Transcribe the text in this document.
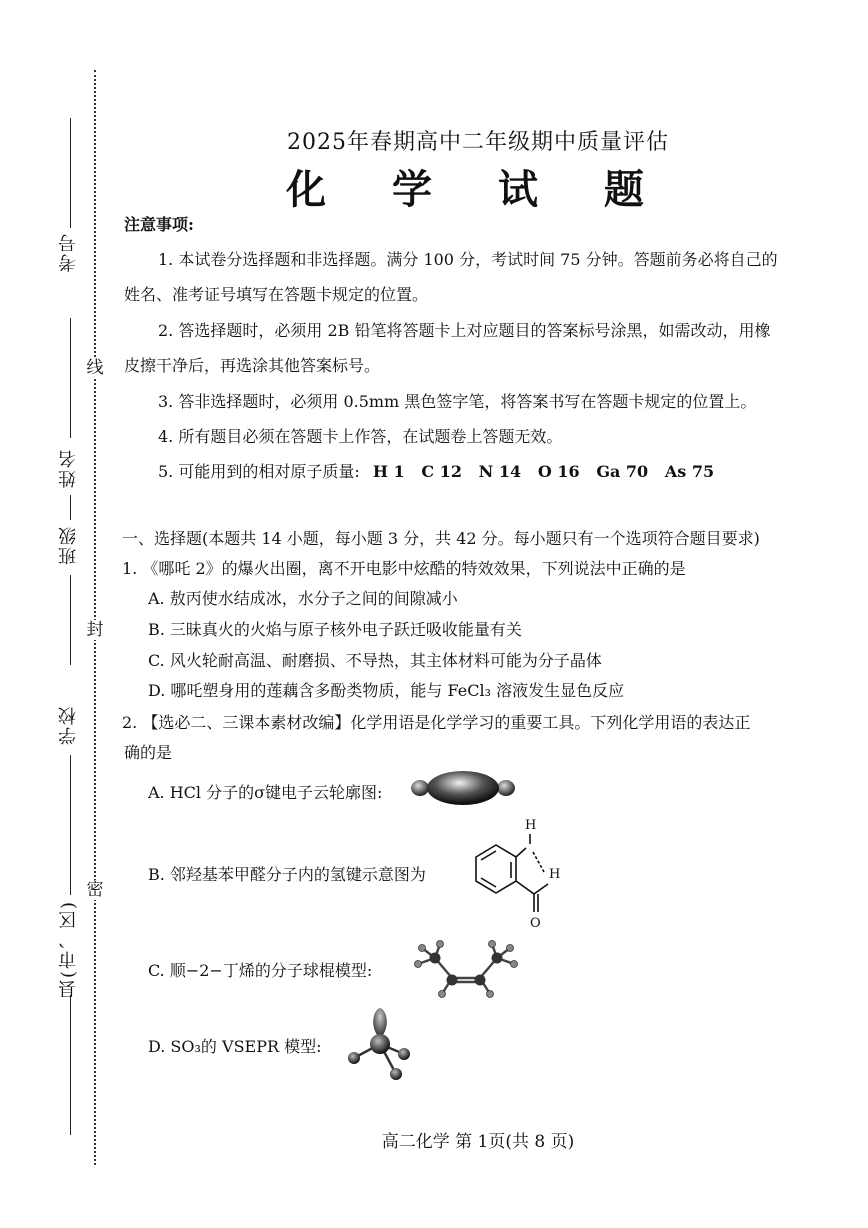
线
封
密
考号
姓名
班级
学校
县(市、区)
2025年春期高中二年级期中质量评估
化 学 试 题
注意事项:
1. 本试卷分选择题和非选择题。满分 100 分，考试时间 75 分钟。答题前务必将自己的
姓名、准考证号填写在答题卡规定的位置。
2. 答选择题时，必须用 2B 铅笔将答题卡上对应题目的答案标号涂黑，如需改动，用橡
皮擦干净后，再选涂其他答案标号。
3. 答非选择题时，必须用 0.5mm 黑色签字笔，将答案书写在答题卡规定的位置上。
4. 所有题目必须在答题卡上作答，在试题卷上答题无效。
5. 可能用到的相对原子质量: H 1   C 12   N 14   O 16   Ga 70   As 75
一、选择题(本题共 14 小题，每小题 3 分，共 42 分。每小题只有一个选项符合题目要求)
1. 《哪吒 2》的爆火出圈，离不开电影中炫酷的特效效果，下列说法中正确的是
A. 敖丙使水结成冰，水分子之间的间隙减小
B. 三昧真火的火焰与原子核外电子跃迁吸收能量有关
C. 风火轮耐高温、耐磨损、不导热，其主体材料可能为分子晶体
D. 哪吒塑身用的莲藕含多酚类物质，能与 FeCl₃ 溶液发生显色反应
2. 【选必二、三课本素材改编】化学用语是化学学习的重要工具。下列化学用语的表达正
确的是
A. HCl 分子的σ键电子云轮廓图:
B. 邻羟基苯甲醛分子内的氢键示意图为
H
H
O
C. 顺−2−丁烯的分子球棍模型:
D. SO₃的 VSEPR 模型:
高二化学 第 1页(共 8 页)
